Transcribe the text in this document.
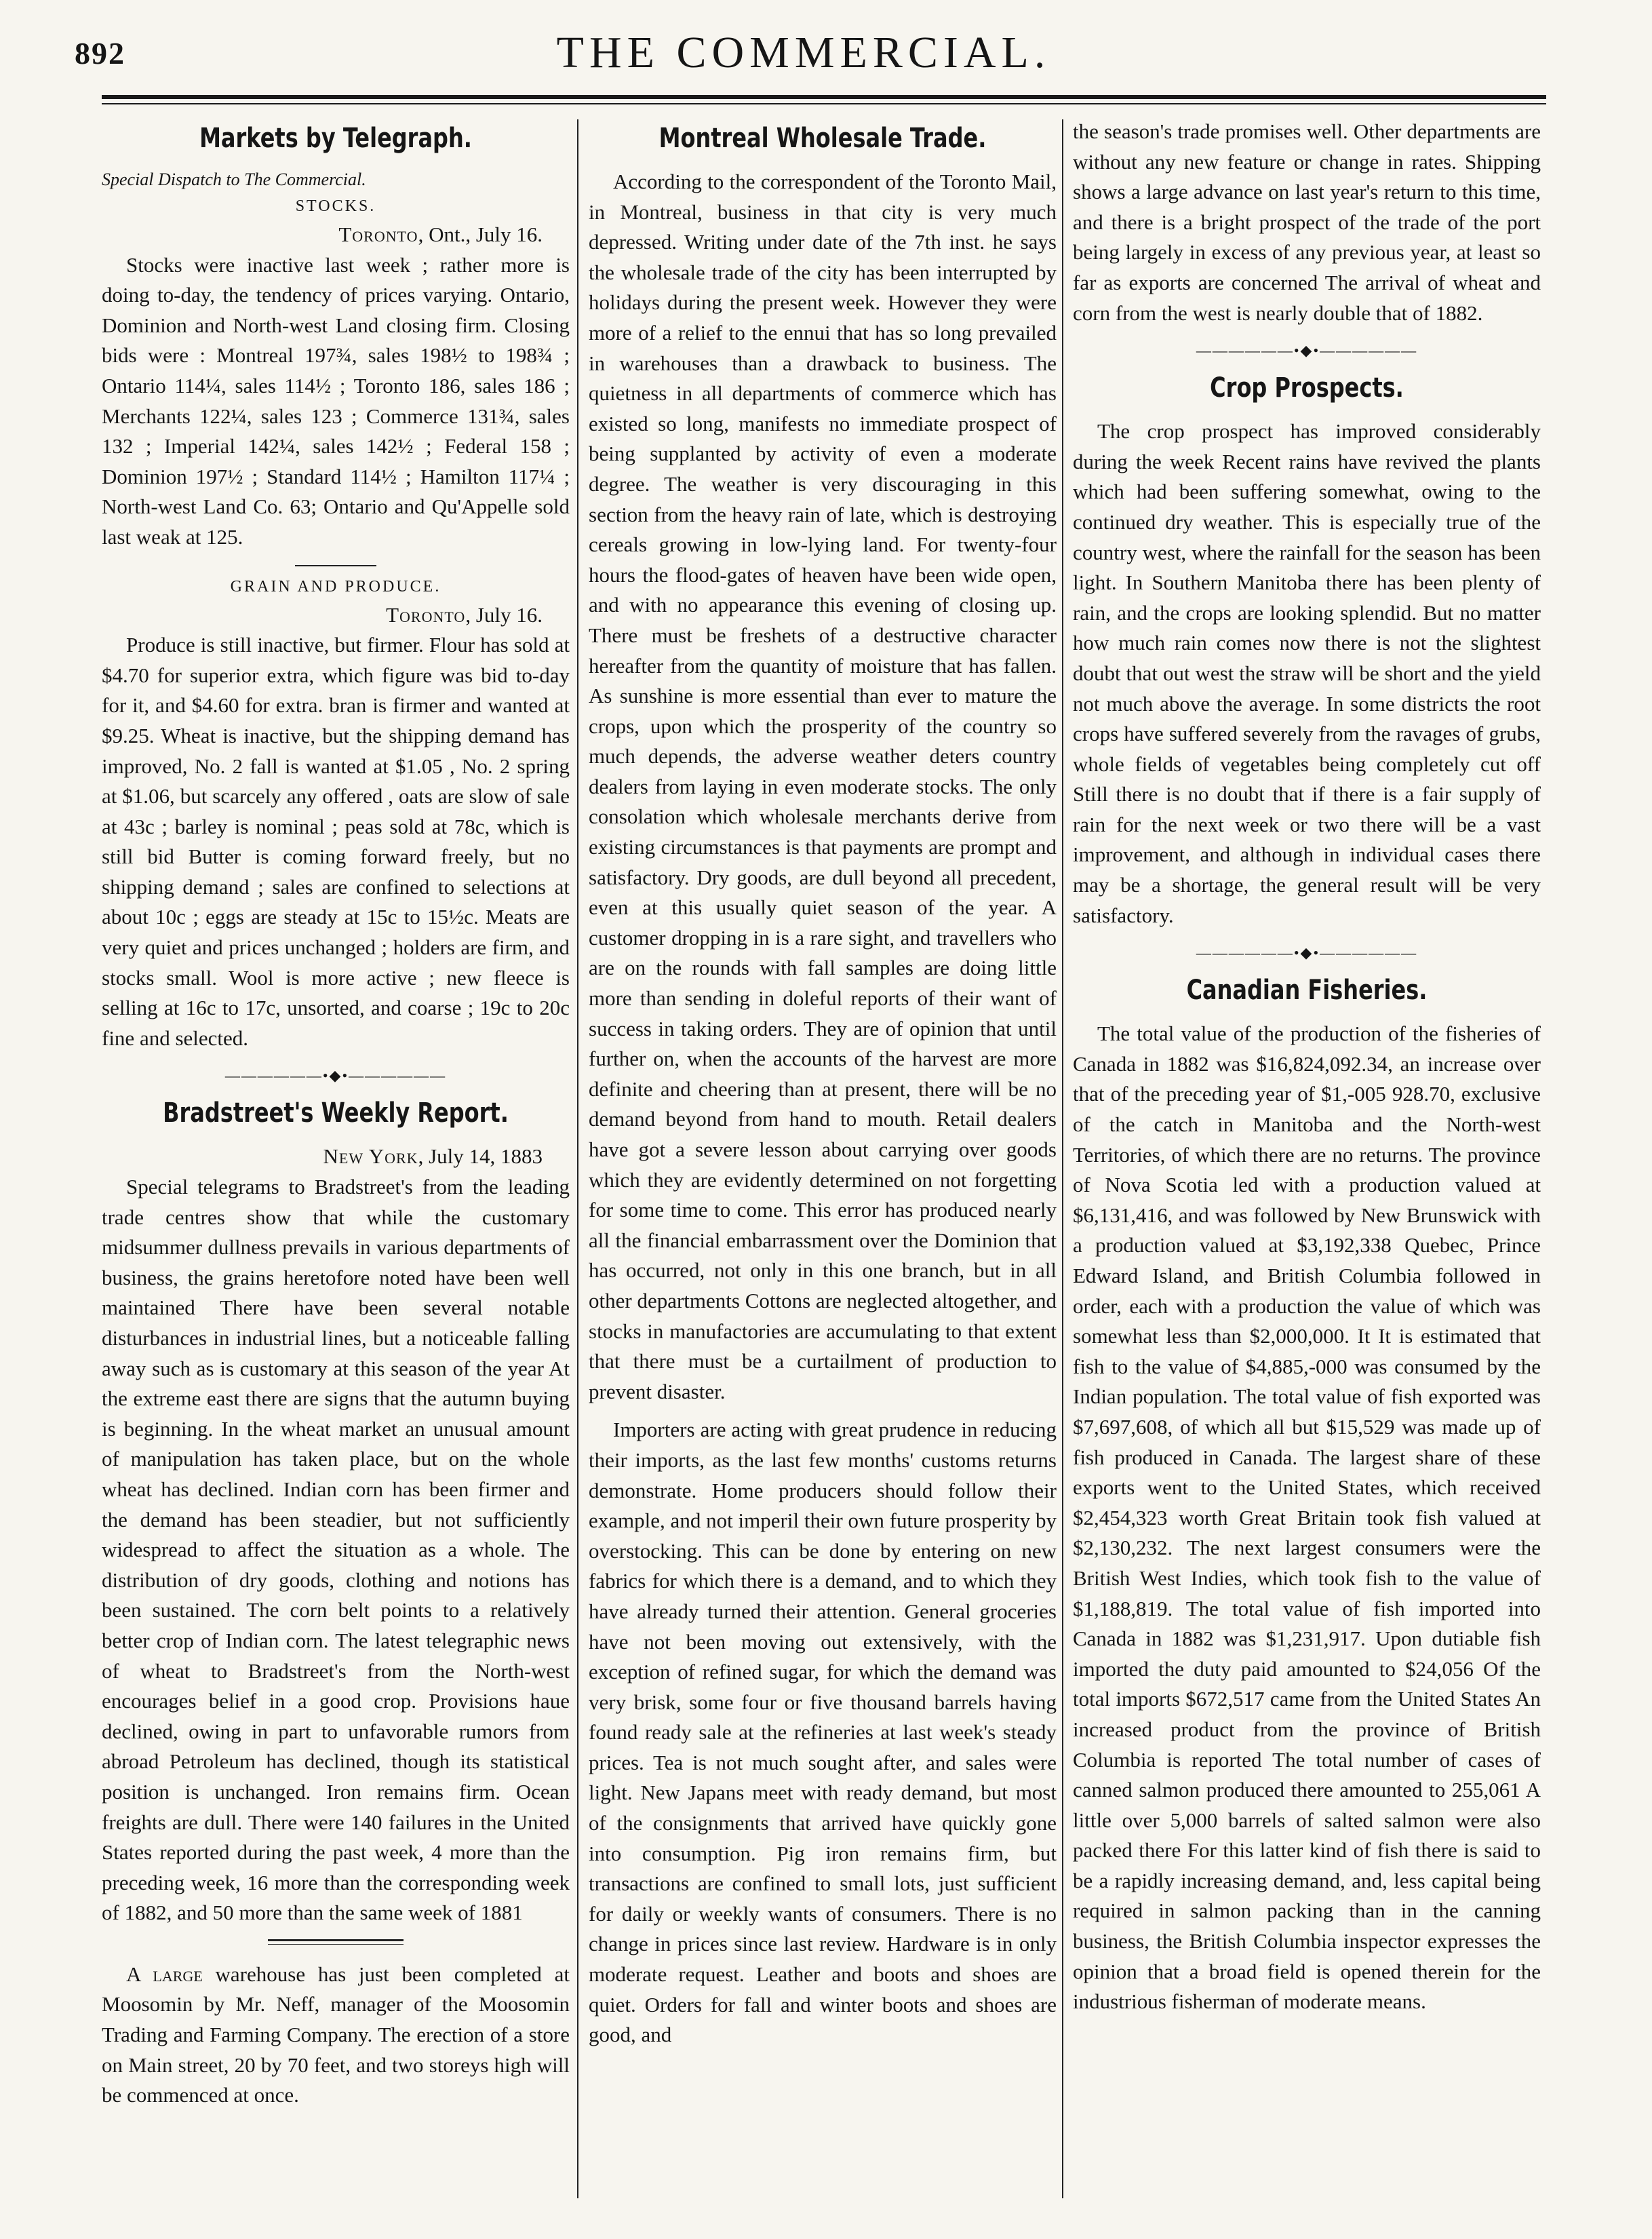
892	THE COMMERCIAL.
Markets by Telegraph.

Special Dispatch to The Commercial.

STOCKS.

Toronto, Ont., July 16.

Stocks were inactive last week ; rather more is doing to-day, the tendency of prices varying. Ontario, Dominion and North-west Land closing firm. Closing bids were : Montreal 197¾, sales 198½ to 198¾ ; Ontario 114¼, sales 114½ ; Toronto 186, sales 186 ; Merchants 122¼, sales 123 ; Commerce 131¾, sales 132 ; Imperial 142¼, sales 142½ ; Federal 158 ; Dominion 197½ ; Standard 114½ ; Hamilton 117¼ ; North-west Land Co. 63; Ontario and Qu'Appelle sold last weak at 125.

GRAIN AND PRODUCE.

Toronto, July 16.

Produce is still inactive, but firmer. Flour has sold at $4.70 for superior extra, which figure was bid to-day for it, and $4.60 for extra. bran is firmer and wanted at $9.25. Wheat is inactive, but the shipping demand has improved, No. 2 fall is wanted at $1.05 , No. 2 spring at $1.06, but scarcely any offered , oats are slow of sale at 43c ; barley is nominal ; peas sold at 78c, which is still bid Butter is coming forward freely, but no shipping demand ; sales are confined to selections at about 10c ; eggs are steady at 15c to 15½c. Meats are very quiet and prices unchanged ; holders are firm, and stocks small. Wool is more active ; new fleece is selling at 16c to 17c, unsorted, and coarse ; 19c to 20c fine and selected.

——————•◆•——————
Bradstreet's Weekly Report.

New York, July 14, 1883

Special telegrams to Bradstreet's from the leading trade centres show that while the customary midsummer dullness prevails in various departments of business, the grains heretofore noted have been well maintained There have been several notable disturbances in industrial lines, but a noticeable falling away such as is customary at this season of the year At the extreme east there are signs that the autumn buying is beginning. In the wheat market an unusual amount of manipulation has taken place, but on the whole wheat has declined. Indian corn has been firmer and the demand has been steadier, but not sufficiently widespread to affect the situation as a whole. The distribution of dry goods, clothing and notions has been sustained. The corn belt points to a relatively better crop of Indian corn. The latest telegraphic news of wheat to Bradstreet's from the North-west encourages belief in a good crop. Provisions haue declined, owing in part to unfavorable rumors from abroad Petroleum has declined, though its statistical position is unchanged. Iron remains firm. Ocean freights are dull. There were 140 failures in the United States reported during the past week, 4 more than the preceding week, 16 more than the corresponding week of 1882, and 50 more than the same week of 1881

A large warehouse has just been completed at Moosomin by Mr. Neff, manager of the Moosomin Trading and Farming Company. The erection of a store on Main street, 20 by 70 feet, and two storeys high will be commenced at once.

Montreal Wholesale Trade.

According to the correspondent of the Toronto Mail, in Montreal, business in that city is very much depressed. Writing under date of the 7th inst. he says the wholesale trade of the city has been interrupted by holidays during the present week. However they were more of a relief to the ennui that has so long prevailed in warehouses than a drawback to business. The quietness in all departments of commerce which has existed so long, manifests no immediate prospect of being supplanted by activity of even a moderate degree. The weather is very discouraging in this section from the heavy rain of late, which is destroying cereals growing in low-lying land. For twenty-four hours the flood-gates of heaven have been wide open, and with no appearance this evening of closing up. There must be freshets of a destructive character hereafter from the quantity of moisture that has fallen. As sunshine is more essential than ever to mature the crops, upon which the prosperity of the country so much depends, the adverse weather deters country dealers from laying in even moderate stocks. The only consolation which wholesale merchants derive from existing circumstances is that payments are prompt and satisfactory. Dry goods, are dull beyond all precedent, even at this usually quiet season of the year. A customer dropping in is a rare sight, and travellers who are on the rounds with fall samples are doing little more than sending in doleful reports of their want of success in taking orders. They are of opinion that until further on, when the accounts of the harvest are more definite and cheering than at present, there will be no demand beyond from hand to mouth. Retail dealers have got a severe lesson about carrying over goods which they are evidently determined on not forgetting for some time to come. This error has produced nearly all the financial embarrassment over the Dominion that has occurred, not only in this one branch, but in all other departments Cottons are neglected altogether, and stocks in manufactories are accumulating to that extent that there must be a curtailment of production to prevent disaster.

Importers are acting with great prudence in reducing their imports, as the last few months' customs returns demonstrate. Home producers should follow their example, and not imperil their own future prosperity by overstocking. This can be done by entering on new fabrics for which there is a demand, and to which they have already turned their attention. General groceries have not been moving out extensively, with the exception of refined sugar, for which the demand was very brisk, some four or five thousand barrels having found ready sale at the refineries at last week's steady prices. Tea is not much sought after, and sales were light. New Japans meet with ready demand, but most of the consignments that arrived have quickly gone into consumption. Pig iron remains firm, but transactions are confined to small lots, just sufficient for daily or weekly wants of consumers. There is no change in prices since last review. Hardware is in only moderate request. Leather and boots and shoes are quiet. Orders for fall and winter boots and shoes are good, and

the season's trade promises well. Other departments are without any new feature or change in rates. Shipping shows a large advance on last year's return to this time, and there is a bright prospect of the trade of the port being largely in excess of any previous year, at least so far as exports are concerned The arrival of wheat and corn from the west is nearly double that of 1882.

——————•◆•——————
Crop Prospects.

The crop prospect has improved considerably during the week Recent rains have revived the plants which had been suffering somewhat, owing to the continued dry weather. This is especially true of the country west, where the rainfall for the season has been light. In Southern Manitoba there has been plenty of rain, and the crops are looking splendid. But no matter how much rain comes now there is not the slightest doubt that out west the straw will be short and the yield not much above the average. In some districts the root crops have suffered severely from the ravages of grubs, whole fields of vegetables being completely cut off Still there is no doubt that if there is a fair supply of rain for the next week or two there will be a vast improvement, and although in individual cases there may be a shortage, the general result will be very satisfactory.

——————•◆•——————
Canadian Fisheries.

The total value of the production of the fisheries of Canada in 1882 was $16,824,092.34, an increase over that of the preceding year of $1,-005 928.70, exclusive of the catch in Manitoba and the North-west Territories, of which there are no returns. The province of Nova Scotia led with a production valued at $6,131,416, and was followed by New Brunswick with a production valued at $3,192,338 Quebec, Prince Edward Island, and British Columbia followed in order, each with a production the value of which was somewhat less than $2,000,000. It It is estimated that fish to the value of $4,885,-000 was consumed by the Indian population. The total value of fish exported was $7,697,608, of which all but $15,529 was made up of fish produced in Canada. The largest share of these exports went to the United States, which received $2,454,323 worth Great Britain took fish valued at $2,130,232. The next largest consumers were the British West Indies, which took fish to the value of $1,188,819. The total value of fish imported into Canada in 1882 was $1,231,917. Upon dutiable fish imported the duty paid amounted to $24,056 Of the total imports $672,517 came from the United States An increased product from the province of British Columbia is reported The total number of cases of canned salmon produced there amounted to 255,061 A little over 5,000 barrels of salted salmon were also packed there For this latter kind of fish there is said to be a rapidly increasing demand, and, less capital being required in salmon packing than in the canning business, the British Columbia inspector expresses the opinion that a broad field is opened therein for the industrious fisherman of moderate means.
